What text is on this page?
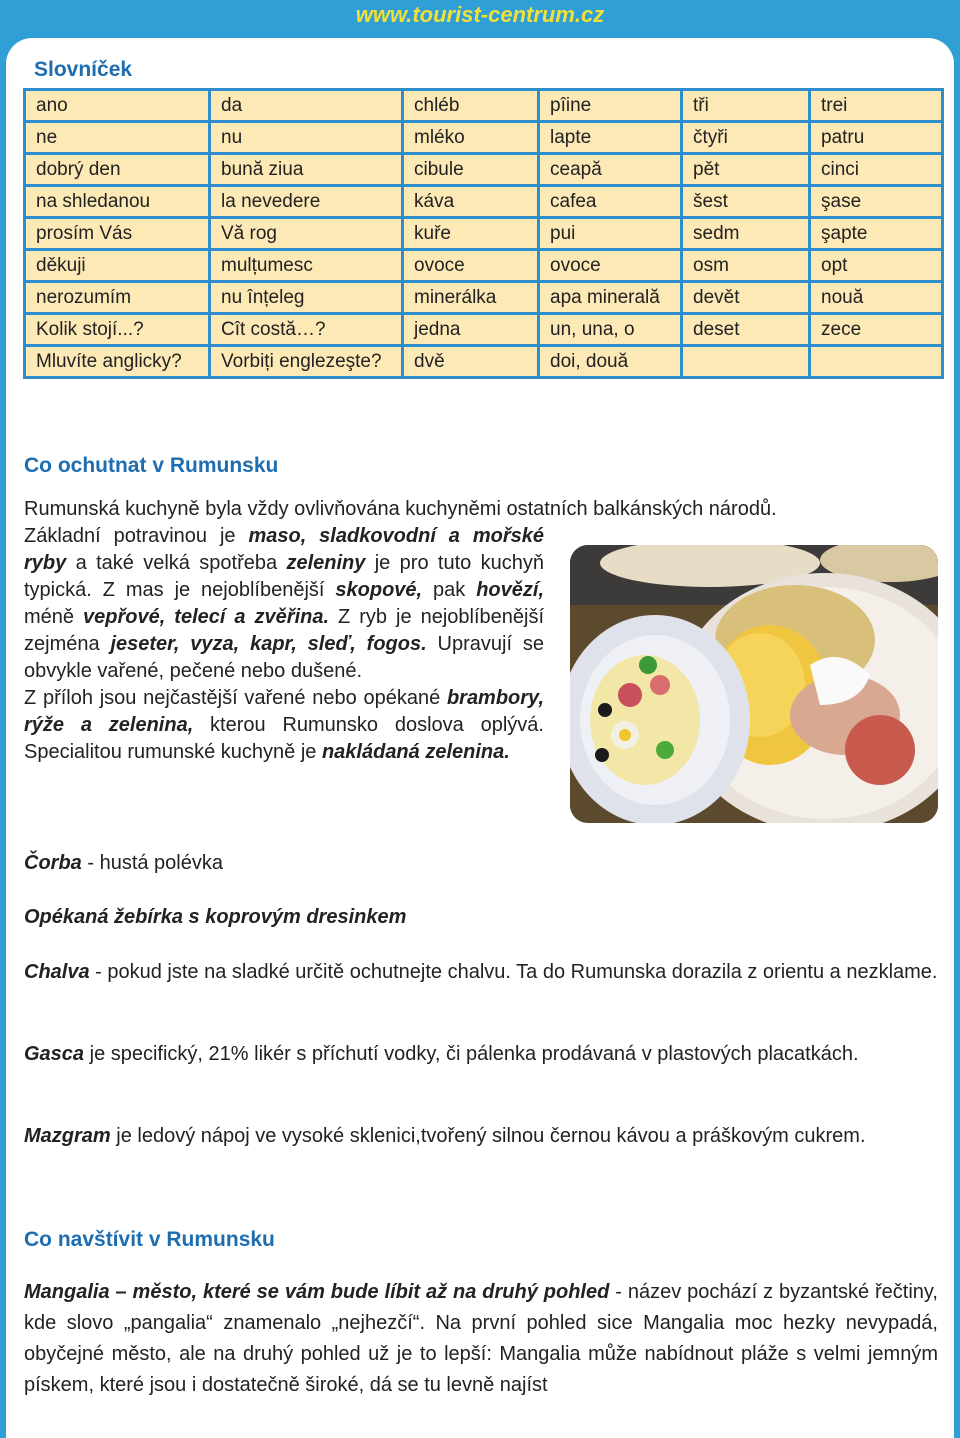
www.tourist-centrum.cz
Slovníček
ano	da	chléb	pîine	tři	trei
ne	nu	mléko	lapte	čtyři	patru
dobrý den	bună ziua	cibule	ceapă	pět	cinci
na shledanou	la nevedere	káva	cafea	šest	şase
prosím Vás	Vă rog	kuře	pui	sedm	şapte
děkuji	mulțumesc	ovoce	ovoce	osm	opt
nerozumím	nu înțeleg	minerálka	apa minerală	devět	nouă
Kolik stojí...?	Cît costă…?	jedna	un, una, o	deset	zece
Mluvíte anglicky?	Vorbiți englezeşte?	dvě	doi, două		
Co ochutnat v Rumunsku
Rumunská kuchyně byla vždy ovlivňována kuchyněmi ostatních balkánských národů.
Základní potravinou je maso, sladkovodní a mořské ryby a také velká spotřeba zeleniny je pro tuto kuchyň typická. Z mas je nejoblíbenější skopové, pak hovězí, méně vepřové, telecí a zvěřina. Z ryb je nejoblíbenější zejména jeseter, vyza, kapr, sleď, fogos. Upravují se obvykle vařené, pečené nebo dušené.
Z příloh jsou nejčastější vařené nebo opékané brambory, rýže a zelenina, kterou Rumunsko doslova oplývá. Specialitou rumunské kuchyně je nakládaná zelenina.
Čorba - hustá polévka
Opékaná žebírka s koprovým dresinkem
Chalva - pokud jste na sladké určitě ochutnejte chalvu. Ta do Rumunska dorazila z orientu a nezklame.
Gasca je specifický, 21% likér s příchutí vodky, či pálenka prodávaná v plastových placatkách.
Mazgram je ledový nápoj ve vysoké sklenici,tvořený silnou černou kávou a práškovým cukrem.
Co navštívit v Rumunsku
Mangalia – město, které se vám bude líbit až na druhý pohled - název pochází z byzantské řečtiny, kde slovo „pangalia“ znamenalo „nejhezčí“. Na první pohled sice Mangalia moc hezky nevypadá, obyčejné město, ale na druhý pohled už je to lepší: Mangalia může nabídnout pláže s velmi jemným pískem, které jsou i dostatečně široké, dá se tu levně najíst
